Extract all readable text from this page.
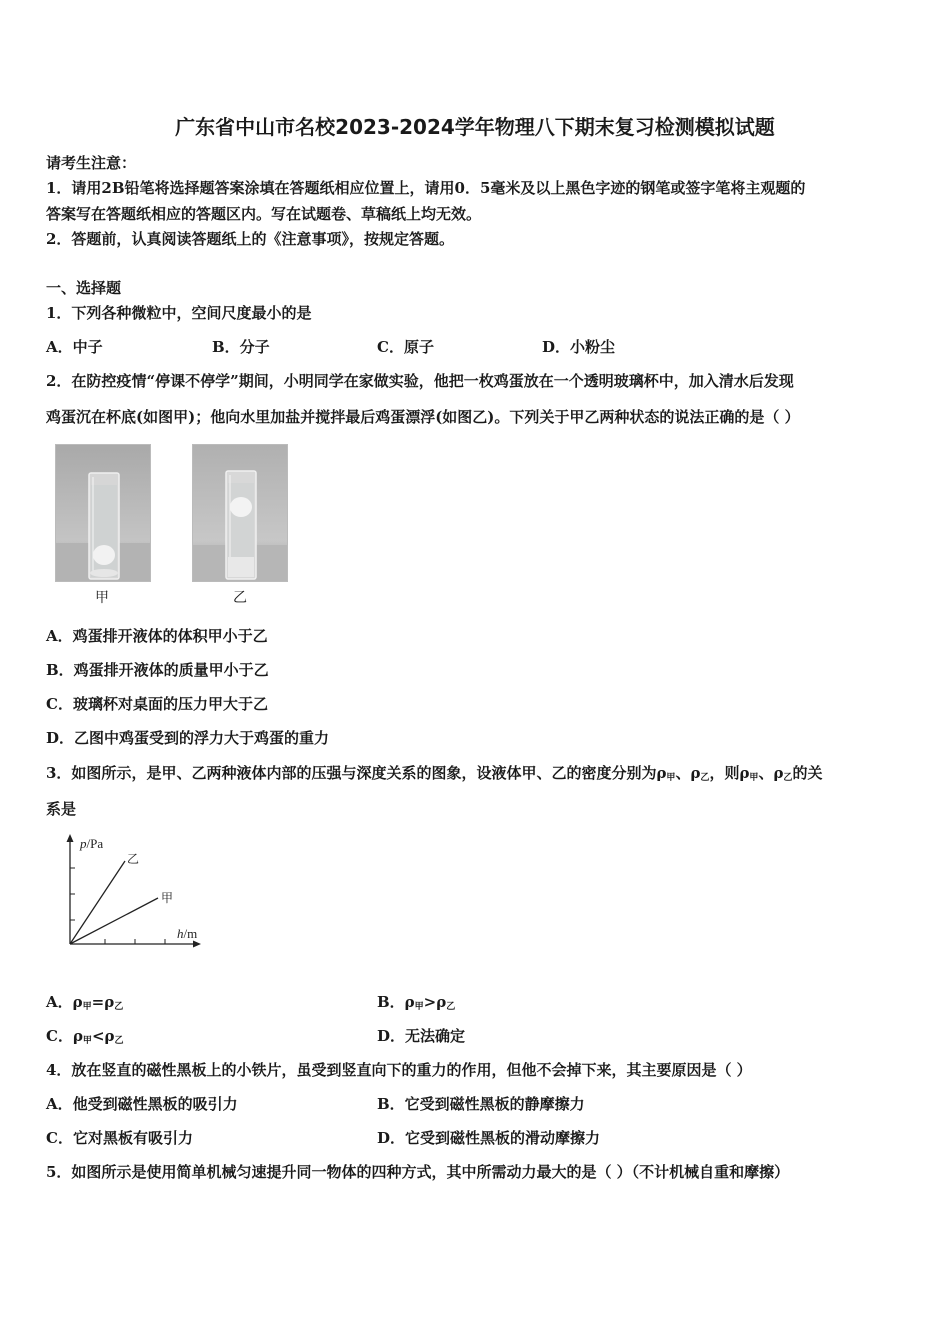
广东省中山市名校2023-2024学年物理八下期末复习检测模拟试题
请考生注意：
1．请用2B铅笔将选择题答案涂填在答题纸相应位置上，请用0．5毫米及以上黑色字迹的钢笔或签字笔将主观题的
答案写在答题纸相应的答题区内。写在试题卷、草稿纸上均无效。
2．答题前，认真阅读答题纸上的《注意事项》，按规定答题。
一、选择题
1．下列各种微粒中，空间尺度最小的是
A．中子	B．分子	C．原子	D．小粉尘
2．在防控疫情“停课不停学”期间，小明同学在家做实验，他把一枚鸡蛋放在一个透明玻璃杯中，加入清水后发现
鸡蛋沉在杯底(如图甲)；他向水里加盐并搅拌最后鸡蛋漂浮(如图乙)。下列关于甲乙两种状态的说法正确的是（ ）
甲	乙
A．鸡蛋排开液体的体积甲小于乙
B．鸡蛋排开液体的质量甲小于乙
C．玻璃杯对桌面的压力甲大于乙
D．乙图中鸡蛋受到的浮力大于鸡蛋的重力
3．如图所示，是甲、乙两种液体内部的压强与深度关系的图象，设液体甲、乙的密度分别为$\rho_甲$、$\rho_乙$，则$\rho_甲$、$\rho_乙$的关
系是
p/Pa
h/m
乙
甲
A．$\rho_甲=\rho_乙$	B．$\rho_甲>\rho_乙$
C．$\rho_甲<\rho_乙$	D．无法确定
4．放在竖直的磁性黑板上的小铁片，虽受到竖直向下的重力的作用，但他不会掉下来，其主要原因是（ ）
A．他受到磁性黑板的吸引力	B．它受到磁性黑板的静摩擦力
C．它对黑板有吸引力	D．它受到磁性黑板的滑动摩擦力
5．如图所示是使用简单机械匀速提升同一物体的四种方式，其中所需动力最大的是（ ）（不计机械自重和摩擦）
